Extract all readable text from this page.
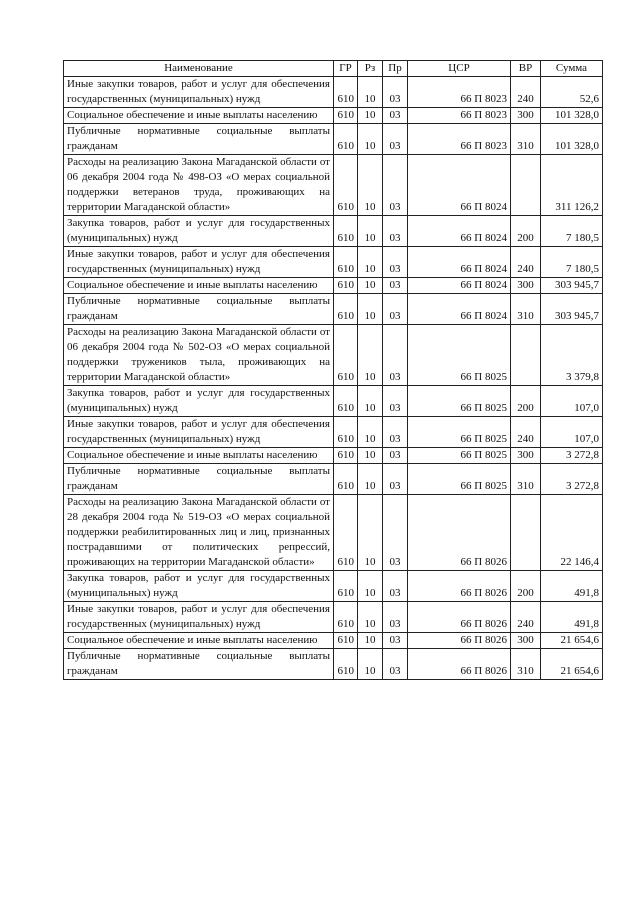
Наименование	ГР	Рз	Пр	ЦСР	ВР	Сумма
Иные закупки товаров, работ и услуг для обеспечения государственных (муниципальных) нужд	610	10	03	66 П 8023	240	52,6
Социальное обеспечение и иные выплаты населению	610	10	03	66 П 8023	300	101 328,0
Публичные нормативные социальные выплаты гражданам	610	10	03	66 П 8023	310	101 328,0
Расходы на реализацию Закона Магаданской области от 06 декабря 2004 года № 498-ОЗ «О мерах социальной поддержки ветеранов труда, проживающих на территории Магаданской области»	610	10	03	66 П 8024		311 126,2
Закупка товаров, работ и услуг для государственных (муниципальных) нужд	610	10	03	66 П 8024	200	7 180,5
Иные закупки товаров, работ и услуг для обеспечения государственных (муниципальных) нужд	610	10	03	66 П 8024	240	7 180,5
Социальное обеспечение и иные выплаты населению	610	10	03	66 П 8024	300	303 945,7
Публичные нормативные социальные выплаты гражданам	610	10	03	66 П 8024	310	303 945,7
Расходы на реализацию Закона Магаданской области от 06 декабря 2004 года № 502-ОЗ «О мерах социальной поддержки тружеников тыла, проживающих на территории Магаданской области»	610	10	03	66 П 8025		3 379,8
Закупка товаров, работ и услуг для государственных (муниципальных) нужд	610	10	03	66 П 8025	200	107,0
Иные закупки товаров, работ и услуг для обеспечения государственных (муниципальных) нужд	610	10	03	66 П 8025	240	107,0
Социальное обеспечение и иные выплаты населению	610	10	03	66 П 8025	300	3 272,8
Публичные нормативные социальные выплаты гражданам	610	10	03	66 П 8025	310	3 272,8
Расходы на реализацию Закона Магаданской области от 28 декабря 2004 года № 519-ОЗ «О мерах социальной поддержки реабилитированных лиц и лиц, признанных пострадавшими от политических репрессий, проживающих на территории Магаданской области»	610	10	03	66 П 8026		22 146,4
Закупка товаров, работ и услуг для государственных (муниципальных) нужд	610	10	03	66 П 8026	200	491,8
Иные закупки товаров, работ и услуг для обеспечения государственных (муниципальных) нужд	610	10	03	66 П 8026	240	491,8
Социальное обеспечение и иные выплаты населению	610	10	03	66 П 8026	300	21 654,6
Публичные нормативные социальные выплаты гражданам	610	10	03	66 П 8026	310	21 654,6
